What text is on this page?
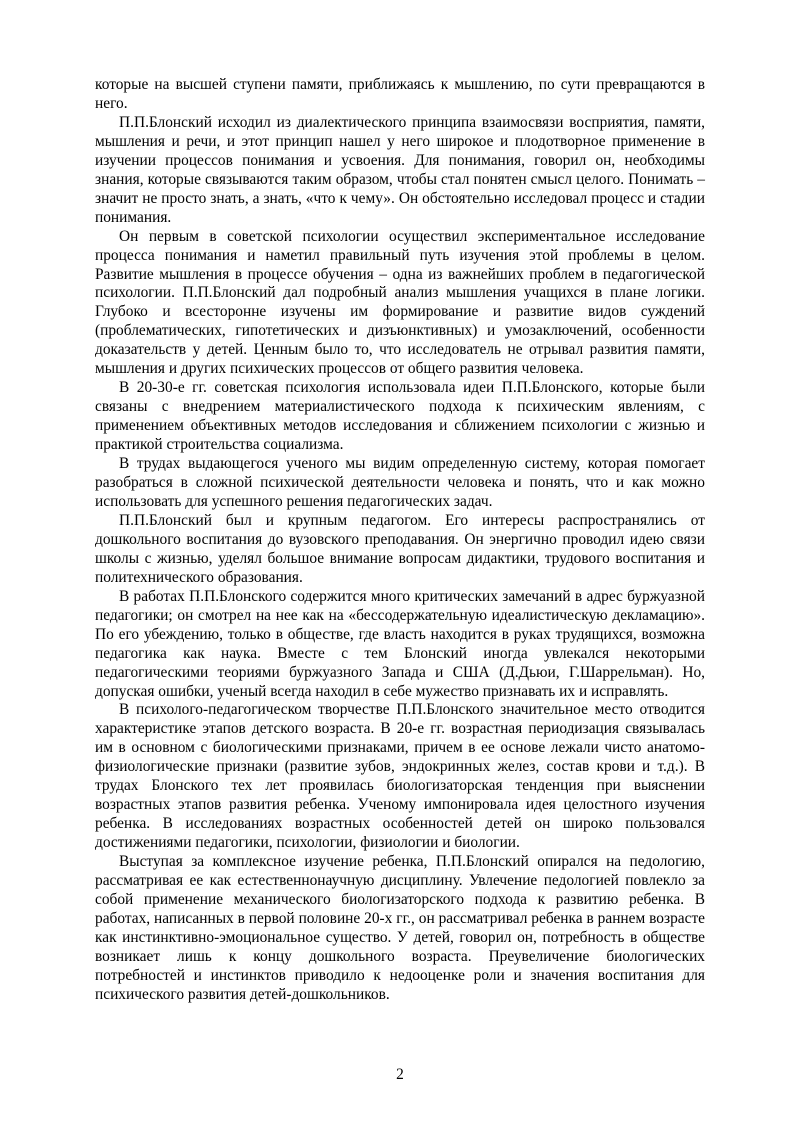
которые на высшей ступени памяти, приближаясь к мышлению, по сути превращаются в него.

П.П.Блонский исходил из диалектического принципа взаимосвязи восприятия, памяти, мышления и речи, и этот принцип нашел у него широкое и плодотворное применение в изучении процессов понимания и усвоения. Для понимания, говорил он, необходимы знания, которые связываются таким образом, чтобы стал понятен смысл целого. Понимать – значит не просто знать, а знать, «что к чему». Он обстоятельно исследовал процесс и стадии понимания.

Он первым в советской психологии осуществил экспериментальное исследование процесса понимания и наметил правильный путь изучения этой проблемы в целом. Развитие мышления в процессе обучения – одна из важнейших проблем в педагогической психологии. П.П.Блонский дал подробный анализ мышления учащихся в плане логики. Глубоко и всесторонне изучены им формирование и развитие видов суждений (проблематических, гипотетических и дизъюнктивных) и умозаключений, особенности доказательств у детей. Ценным было то, что исследователь не отрывал развития памяти, мышления и других психических процессов от общего развития человека.

В 20-30-е гг. советская психология использовала идеи П.П.Блонского, которые были связаны с внедрением материалистического подхода к психическим явлениям, с применением объективных методов исследования и сближением психологии с жизнью и практикой строительства социализма.

В трудах выдающегося ученого мы видим определенную систему, которая помогает разобраться в сложной психической деятельности человека и понять, что и как можно использовать для успешного решения педагогических задач.

П.П.Блонский был и крупным педагогом. Его интересы распространялись от дошкольного воспитания до вузовского преподавания. Он энергично проводил идею связи школы с жизнью, уделял большое внимание вопросам дидактики, трудового воспитания и политехнического образования.

В работах П.П.Блонского содержится много критических замечаний в адрес буржуазной педагогики; он смотрел на нее как на «бессодержательную идеалистическую декламацию». По его убеждению, только в обществе, где власть находится в руках трудящихся, возможна педагогика как наука. Вместе с тем Блонский иногда увлекался некоторыми педагогическими теориями буржуазного Запада и США (Д.Дьюи, Г.Шаррельман). Но, допуская ошибки, ученый всегда находил в себе мужество признавать их и исправлять.

В психолого-педагогическом творчестве П.П.Блонского значительное место отводится характеристике этапов детского возраста. В 20-е гг. возрастная периодизация связывалась им в основном с биологическими признаками, причем в ее основе лежали чисто анатомо-физиологические признаки (развитие зубов, эндокринных желез, состав крови и т.д.). В трудах Блонского тех лет проявилась биологизаторская тенденция при выяснении возрастных этапов развития ребенка. Ученому импонировала идея целостного изучения ребенка. В исследованиях возрастных особенностей детей он широко пользовался достижениями педагогики, психологии, физиологии и биологии.

Выступая за комплексное изучение ребенка, П.П.Блонский опирался на педологию, рассматривая ее как естественнонаучную дисциплину. Увлечение педологией повлекло за собой применение механического биологизаторского подхода к развитию ребенка. В работах, написанных в первой половине 20-х гг., он рассматривал ребенка в раннем возрасте как инстинктивно-эмоциональное существо. У детей, говорил он, потребность в обществе возникает лишь к концу дошкольного возраста. Преувеличение биологических потребностей и инстинктов приводило к недооценке роли и значения воспитания для психического развития детей-дошкольников.

2
